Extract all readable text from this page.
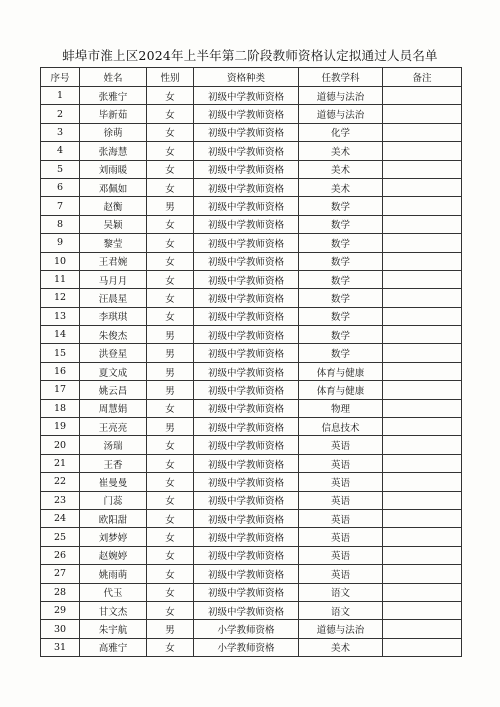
蚌埠市淮上区2024年上半年第二阶段教师资格认定拟通过人员名单
序号	姓名	性别	资格种类	任教学科	备注
1	张雅宁	女	初级中学教师资格	道德与法治	
2	毕新茹	女	初级中学教师资格	道德与法治	
3	徐萌	女	初级中学教师资格	化学	
4	张海慧	女	初级中学教师资格	美术	
5	刘雨暖	女	初级中学教师资格	美术	
6	邓佩如	女	初级中学教师资格	美术	
7	赵衡	男	初级中学教师资格	数学	
8	吴颖	女	初级中学教师资格	数学	
9	黎莹	女	初级中学教师资格	数学	
10	王君婉	女	初级中学教师资格	数学	
11	马月月	女	初级中学教师资格	数学	
12	汪晨星	女	初级中学教师资格	数学	
13	李琪琪	女	初级中学教师资格	数学	
14	朱俊杰	男	初级中学教师资格	数学	
15	洪登星	男	初级中学教师资格	数学	
16	夏文成	男	初级中学教师资格	体育与健康	
17	姚云昌	男	初级中学教师资格	体育与健康	
18	周慧娟	女	初级中学教师资格	物理	
19	王亮亮	男	初级中学教师资格	信息技术	
20	汤瑞	女	初级中学教师资格	英语	
21	王香	女	初级中学教师资格	英语	
22	崔曼曼	女	初级中学教师资格	英语	
23	门蕊	女	初级中学教师资格	英语	
24	欧阳甜	女	初级中学教师资格	英语	
25	刘梦婷	女	初级中学教师资格	英语	
26	赵婉婷	女	初级中学教师资格	英语	
27	姚雨萌	女	初级中学教师资格	英语	
28	代玉	女	初级中学教师资格	语文	
29	甘文杰	女	初级中学教师资格	语文	
30	朱宇航	男	小学教师资格	道德与法治	
31	高雅宁	女	小学教师资格	美术	
